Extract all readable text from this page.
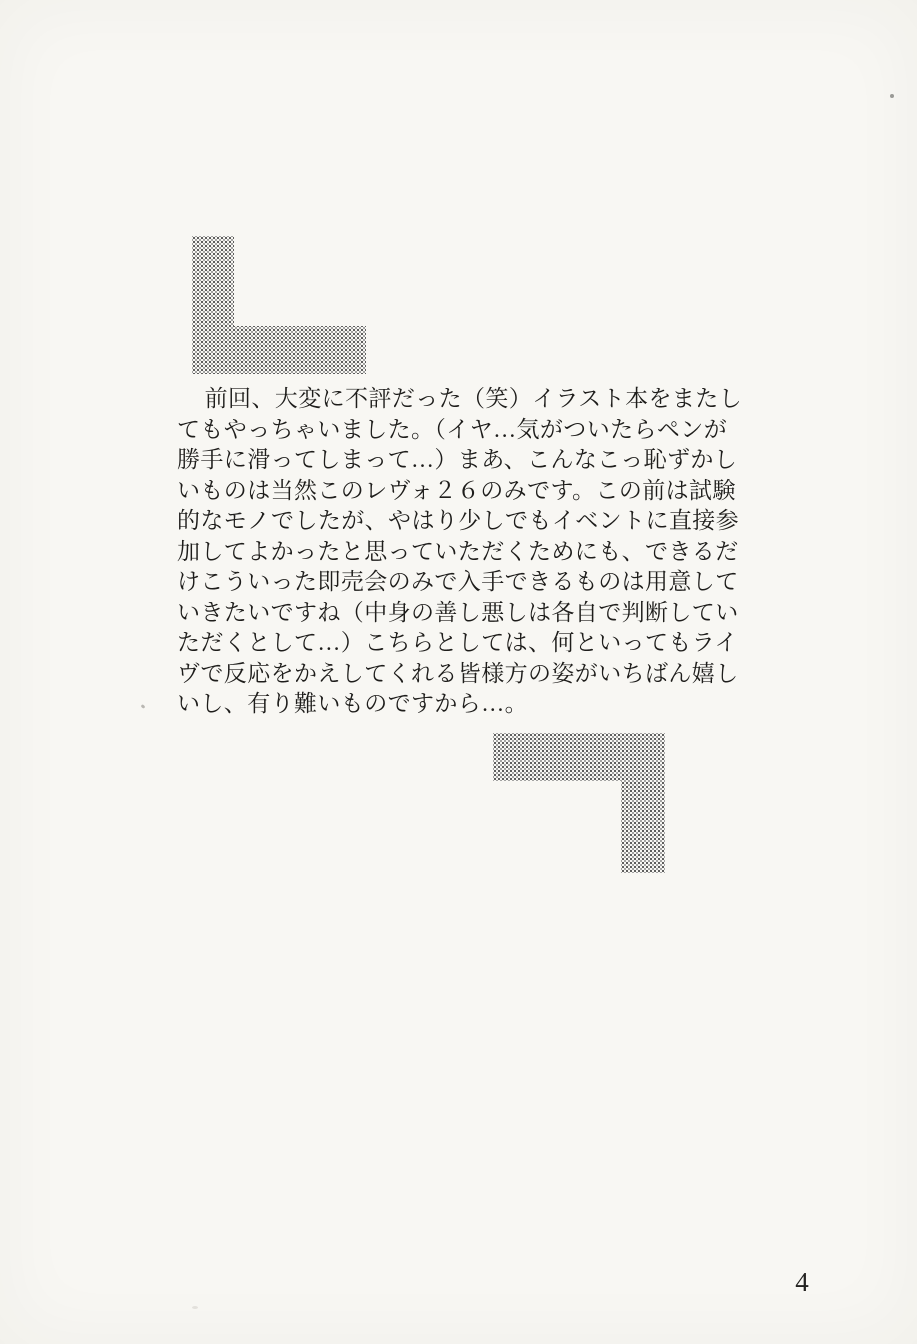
前回、大変に不評だった（笑）イラスト本をまたし
てもやっちゃいました。（イヤ…気がついたらペンが
勝手に滑ってしまって…）まあ、こんなこっ恥ずかし
いものは当然このレヴォ２６のみです。この前は試験
的なモノでしたが、やはり少しでもイベントに直接参
加してよかったと思っていただくためにも、できるだ
けこういった即売会のみで入手できるものは用意して
いきたいですね（中身の善し悪しは各自で判断してい
ただくとして…）こちらとしては、何といってもライ
ヴで反応をかえしてくれる皆様方の姿がいちばん嬉し
いし、有り難いものですから…。
4
